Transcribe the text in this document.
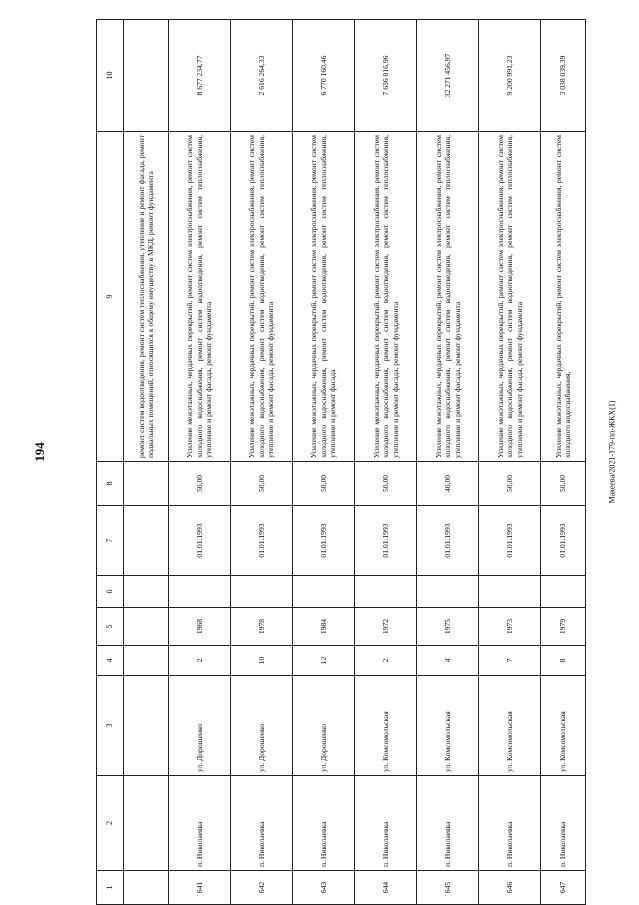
194	Макеева/2021-179-пп-ЖКХ(1)
1	2	3	4	5	6	7	8	9	10
								ремонт систем водоотведения, ремонт систем теплоснабжения, утепление и ремонт фасада, ремонт подвальных помещений, относящихся к общему имуществу в МКД, ремонт фундамента	
641	п. Николаевка	ул. Дорошенко	2	1968		01.01.1993	50,00	Усиление межэтажных, чердачных перекрытий, ремонт систем электроснабжения, ремонт систем холодного водоснабжения, ремонт систем водоотведения, ремонт систем теплоснабжения, утепление и ремонт фасада, ремонт фундамента	8 677 234,77
642	п. Николаевка	ул. Дорошенко	10	1978		01.01.1993	50,00	Усиление межэтажных, чердачных перекрытий, ремонт систем электроснабжения, ремонт систем холодного водоснабжения, ремонт систем водоотведения, ремонт систем теплоснабжения, утепление и ремонт фасада, ремонт фундамента	2 616 264,33
643	п. Николаевка	ул. Дорошенко	12	1984		01.01.1993	50,00	Усиление межэтажных, чердачных перекрытий, ремонт систем электроснабжения, ремонт систем холодного водоснабжения, ремонт систем водоотведения, ремонт систем теплоснабжения, утепление и ремонт фасада	6 770 160,46
644	п. Николаевка	ул. Комсомольская	2	1972		01.01.1993	50,00	Усиление межэтажных, чердачных перекрытий, ремонт систем электроснабжения, ремонт систем холодного водоснабжения, ремонт систем водоотведения, ремонт систем теплоснабжения, утепление и ремонт фасада, ремонт фундамента	7 636 016,96
645	п. Николаевка	ул. Комсомольская	4	1975		01.01.1993	40,00	Усиление межэтажных, чердачных перекрытий, ремонт систем электроснабжения, ремонт систем холодного водоснабжения, ремонт систем водоотведения, ремонт систем теплоснабжения, утепление и ремонт фасада, ремонт фундамента	32 271 456,97
646	п. Николаевка	ул. Комсомольская	7	1973		01.01.1993	50,00	Усиление межэтажных, чердачных перекрытий, ремонт систем электроснабжения, ремонт систем холодного водоснабжения, ремонт систем водоотведения, ремонт систем теплоснабжения, утепление и ремонт фасада, ремонт фундамента	9 200 991,23
647	п. Николаевка	ул. Комсомольская	8	1979		01.01.1993	50,00	Усиление межэтажных, чердачных перекрытий, ремонт систем электроснабжения, ремонт систем холодного водоснабжения,	3 038 039,39
